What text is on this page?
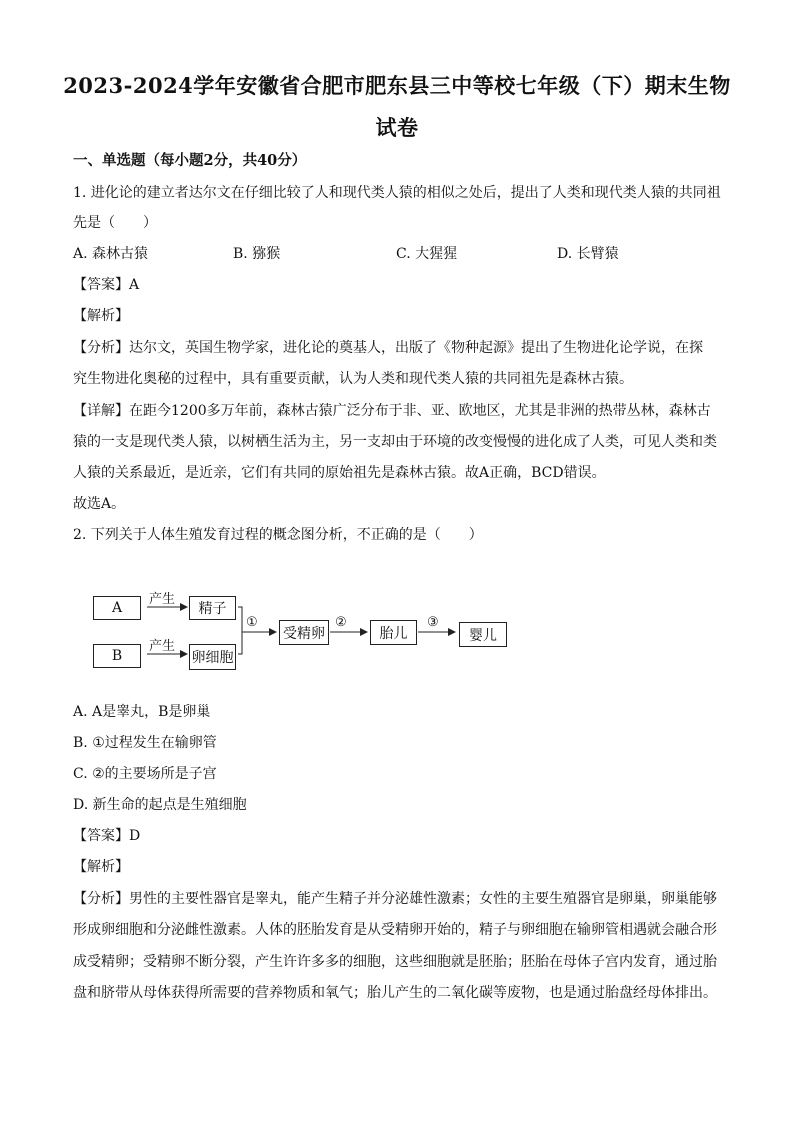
2023-2024学年安徽省合肥市肥东县三中等校七年级（下）期末生物
试卷
一、单选题（每小题2分，共40分）
1. 进化论的建立者达尔文在仔细比较了人和现代类人猿的相似之处后，提出了人类和现代类人猿的共同祖
先是（　　）
A. 森林古猿	B. 猕猴	C. 大猩猩	D. 长臂猿
【答案】A
【解析】
【分析】达尔文，英国生物学家，进化论的奠基人，出版了《物种起源》提出了生物进化论学说，在探
究生物进化奥秘的过程中，具有重要贡献，认为人类和现代类人猿的共同祖先是森林古猿。
【详解】在距今1200多万年前，森林古猿广泛分布于非、亚、欧地区，尤其是非洲的热带丛林，森林古
猿的一支是现代类人猿，以树栖生活为主，另一支却由于环境的改变慢慢的进化成了人类，可见人类和类
人猿的关系最近，是近亲，它们有共同的原始祖先是森林古猿。故A正确，BCD错误。
故选A。
2. 下列关于人体生殖发育过程的概念图分析，不正确的是（　　）
A
B
产生
产生
精子
卵细胞
①
受精卵
②
胎儿
③
婴儿
A. A是睾丸，B是卵巢
B. ①过程发生在输卵管
C. ②的主要场所是子宫
D. 新生命的起点是生殖细胞
【答案】D
【解析】
【分析】男性的主要性器官是睾丸，能产生精子并分泌雄性激素；女性的主要生殖器官是卵巢，卵巢能够
形成卵细胞和分泌雌性激素。人体的胚胎发育是从受精卵开始的，精子与卵细胞在输卵管相遇就会融合形
成受精卵；受精卵不断分裂，产生许许多多的细胞，这些细胞就是胚胎；胚胎在母体子宫内发育，通过胎
盘和脐带从母体获得所需要的营养物质和氧气；胎儿产生的二氧化碳等废物，也是通过胎盘经母体排出。
